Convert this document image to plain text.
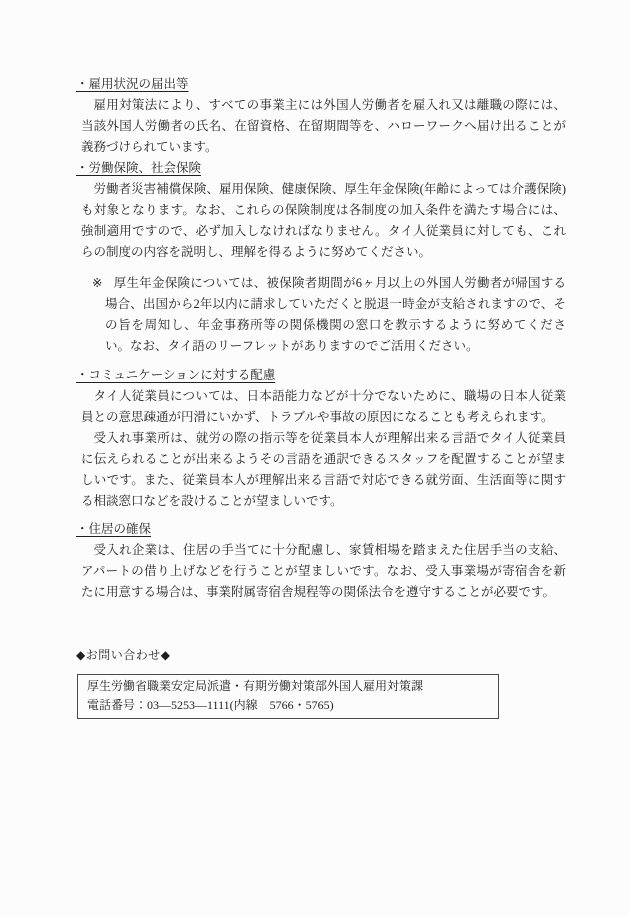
・雇用状況の届出等

雇用対策法により、すべての事業主には外国人労働者を雇入れ又は離職の際には、当該外国人労働者の氏名、在留資格、在留期間等を、ハローワークへ届け出ることが義務づけられています。

・労働保険、社会保険

労働者災害補償保険、雇用保険、健康保険、厚生年金保険(年齢によっては介護保険)も対象となります。なお、これらの保険制度は各制度の加入条件を満たす場合には、強制適用ですので、必ず加入しなければなりません。タイ人従業員に対しても、これらの制度の内容を説明し、理解を得るように努めてください。

※ 厚生年金保険については、被保険者期間が6ヶ月以上の外国人労働者が帰国する場合、出国から2年以内に請求していただくと脱退一時金が支給されますので、その旨を周知し、年金事務所等の関係機関の窓口を教示するように努めてください。なお、タイ語のリーフレットがありますのでご活用ください。
・コミュニケーションに対する配慮

タイ人従業員については、日本語能力などが十分でないために、職場の日本人従業員との意思疎通が円滑にいかず、トラブルや事故の原因になることも考えられます。

受入れ事業所は、就労の際の指示等を従業員本人が理解出来る言語でタイ人従業員に伝えられることが出来るようその言語を通訳できるスタッフを配置することが望ましいです。また、従業員本人が理解出来る言語で対応できる就労面、生活面等に関する相談窓口などを設けることが望ましいです。

・住居の確保

受入れ企業は、住居の手当てに十分配慮し、家賃相場を踏まえた住居手当の支給、アパートの借り上げなどを行うことが望ましいです。なお、受入事業場が寄宿舎を新たに用意する場合は、事業附属寄宿舎規程等の関係法令を遵守することが必要です。

◆お問い合わせ◆
厚生労働省職業安定局派遣・有期労働対策部外国人雇用対策課
電話番号：03―5253―1111(内線　5766・5765)
